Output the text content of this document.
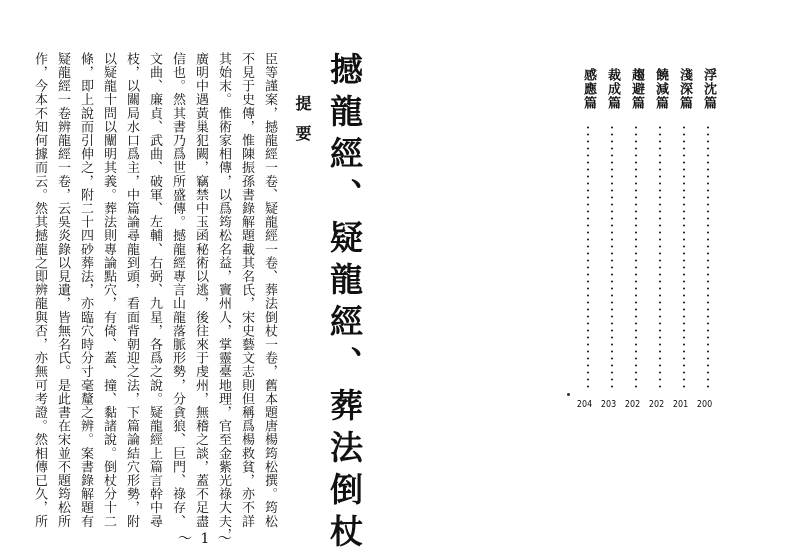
撼龍經、疑龍經、葬法倒杖
提要
臣等謹案，撼龍經一卷、疑龍經一卷、葬法倒杖一卷，舊本題唐楊筠松撰。筠松
不見于史傳，惟陳振孫書錄解題載其名氏，宋史藝文志則但稱爲楊救貧，亦不詳
其始末。惟術家相傳，以爲筠松名益，竇州人，掌靈臺地理，官至金紫光祿大夫，
廣明中遇黃巢犯闕，竊禁中玉函秘術以逃，後往來于虔州，無稽之談，蓋不足盡
信也。然其書乃爲世所盛傳。撼龍經專言山龍落脈形勢，分貪狼、巨門、祿存、
文曲、廉貞、武曲、破軍、左輔、右弼、九星，各爲之說。疑龍經上篇言幹中尋
枝，以關局水口爲主，中篇論尋龍到頭，看面背朝迎之法，下篇論結穴形勢，附
以疑龍十問以闡明其義。葬法則專論點穴，有倚、蓋、撞、黏諸說。倒杖分十二
條，即上說而引伸之，附二十四砂葬法，亦臨穴時分寸毫釐之辨。案書錄解題有
疑龍經一卷辨龍經一卷，云吳炎錄以見遺，皆無名氏。是此書在宋並不題筠松所
作，今本不知何據而云。然其撼龍之即辨龍與否，亦無可考證。然相傳已久，所
～ 1 ～
浮沈篇
200
淺深篇
201
饒減篇
202
趨避篇
202
裁成篇
203
感應篇
204
